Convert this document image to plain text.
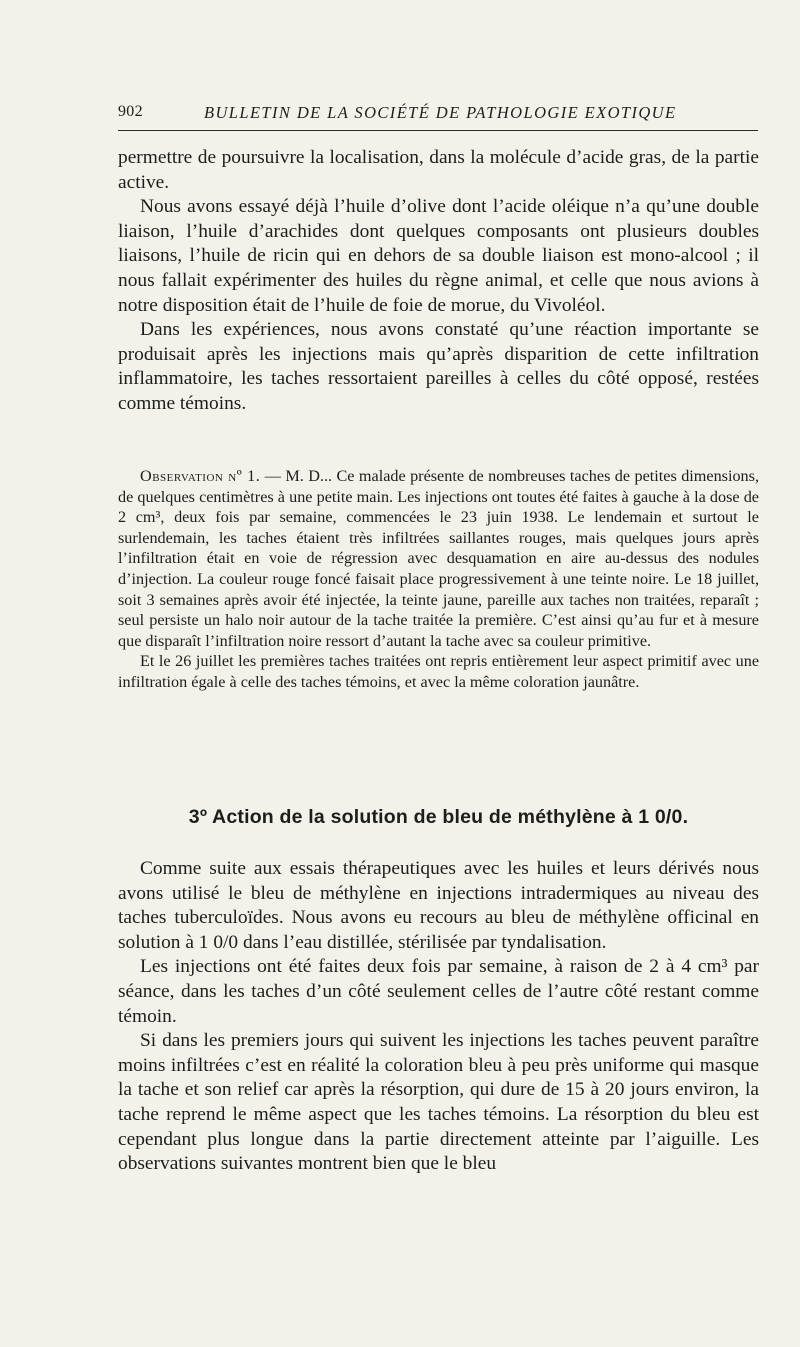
902	BULLETIN DE LA SOCIÉTÉ DE PATHOLOGIE EXOTIQUE

permettre de poursuivre la localisation, dans la molécule d’acide gras, de la partie active.

Nous avons essayé déjà l’huile d’olive dont l’acide oléique n’a qu’une double liaison, l’huile d’arachides dont quelques composants ont plusieurs doubles liaisons, l’huile de ricin qui en dehors de sa double liaison est mono-alcool ; il nous fallait expérimenter des huiles du règne animal, et celle que nous avions à notre disposition était de l’huile de foie de morue, du Vivoléol.

Dans les expériences, nous avons constaté qu’une réaction importante se produisait après les injections mais qu’après disparition de cette infiltration inflammatoire, les taches ressortaient pareilles à celles du côté opposé, restées comme témoins.

Observation nº 1. — M. D... Ce malade présente de nombreuses taches de petites dimensions, de quelques centimètres à une petite main. Les injections ont toutes été faites à gauche à la dose de 2 cm³, deux fois par semaine, commencées le 23 juin 1938. Le lendemain et surtout le surlendemain, les taches étaient très infiltrées saillantes rouges, mais quelques jours après l’infiltration était en voie de régression avec desquamation en aire au-dessus des nodules d’injection. La couleur rouge foncé faisait place progressivement à une teinte noire. Le 18 juillet, soit 3 semaines après avoir été injectée, la teinte jaune, pareille aux taches non traitées, reparaît ; seul persiste un halo noir autour de la tache traitée la première. C’est ainsi qu’au fur et à mesure que disparaît l’infiltration noire ressort d’autant la tache avec sa couleur primitive.

Et le 26 juillet les premières taches traitées ont repris entièrement leur aspect primitif avec une infiltration égale à celle des taches témoins, et avec la même coloration jaunâtre.

3º Action de la solution de bleu de méthylène à 1 0/0.

Comme suite aux essais thérapeutiques avec les huiles et leurs dérivés nous avons utilisé le bleu de méthylène en injections intradermiques au niveau des taches tuberculoïdes. Nous avons eu recours au bleu de méthylène officinal en solution à 1 0/0 dans l’eau distillée, stérilisée par tyndalisation.

Les injections ont été faites deux fois par semaine, à raison de 2 à 4 cm³ par séance, dans les taches d’un côté seulement celles de l’autre côté restant comme témoin.

Si dans les premiers jours qui suivent les injections les taches peuvent paraître moins infiltrées c’est en réalité la coloration bleu à peu près uniforme qui masque la tache et son relief car après la résorption, qui dure de 15 à 20 jours environ, la tache reprend le même aspect que les taches témoins. La résorption du bleu est cependant plus longue dans la partie directement atteinte par l’aiguille. Les observations suivantes montrent bien que le bleu
